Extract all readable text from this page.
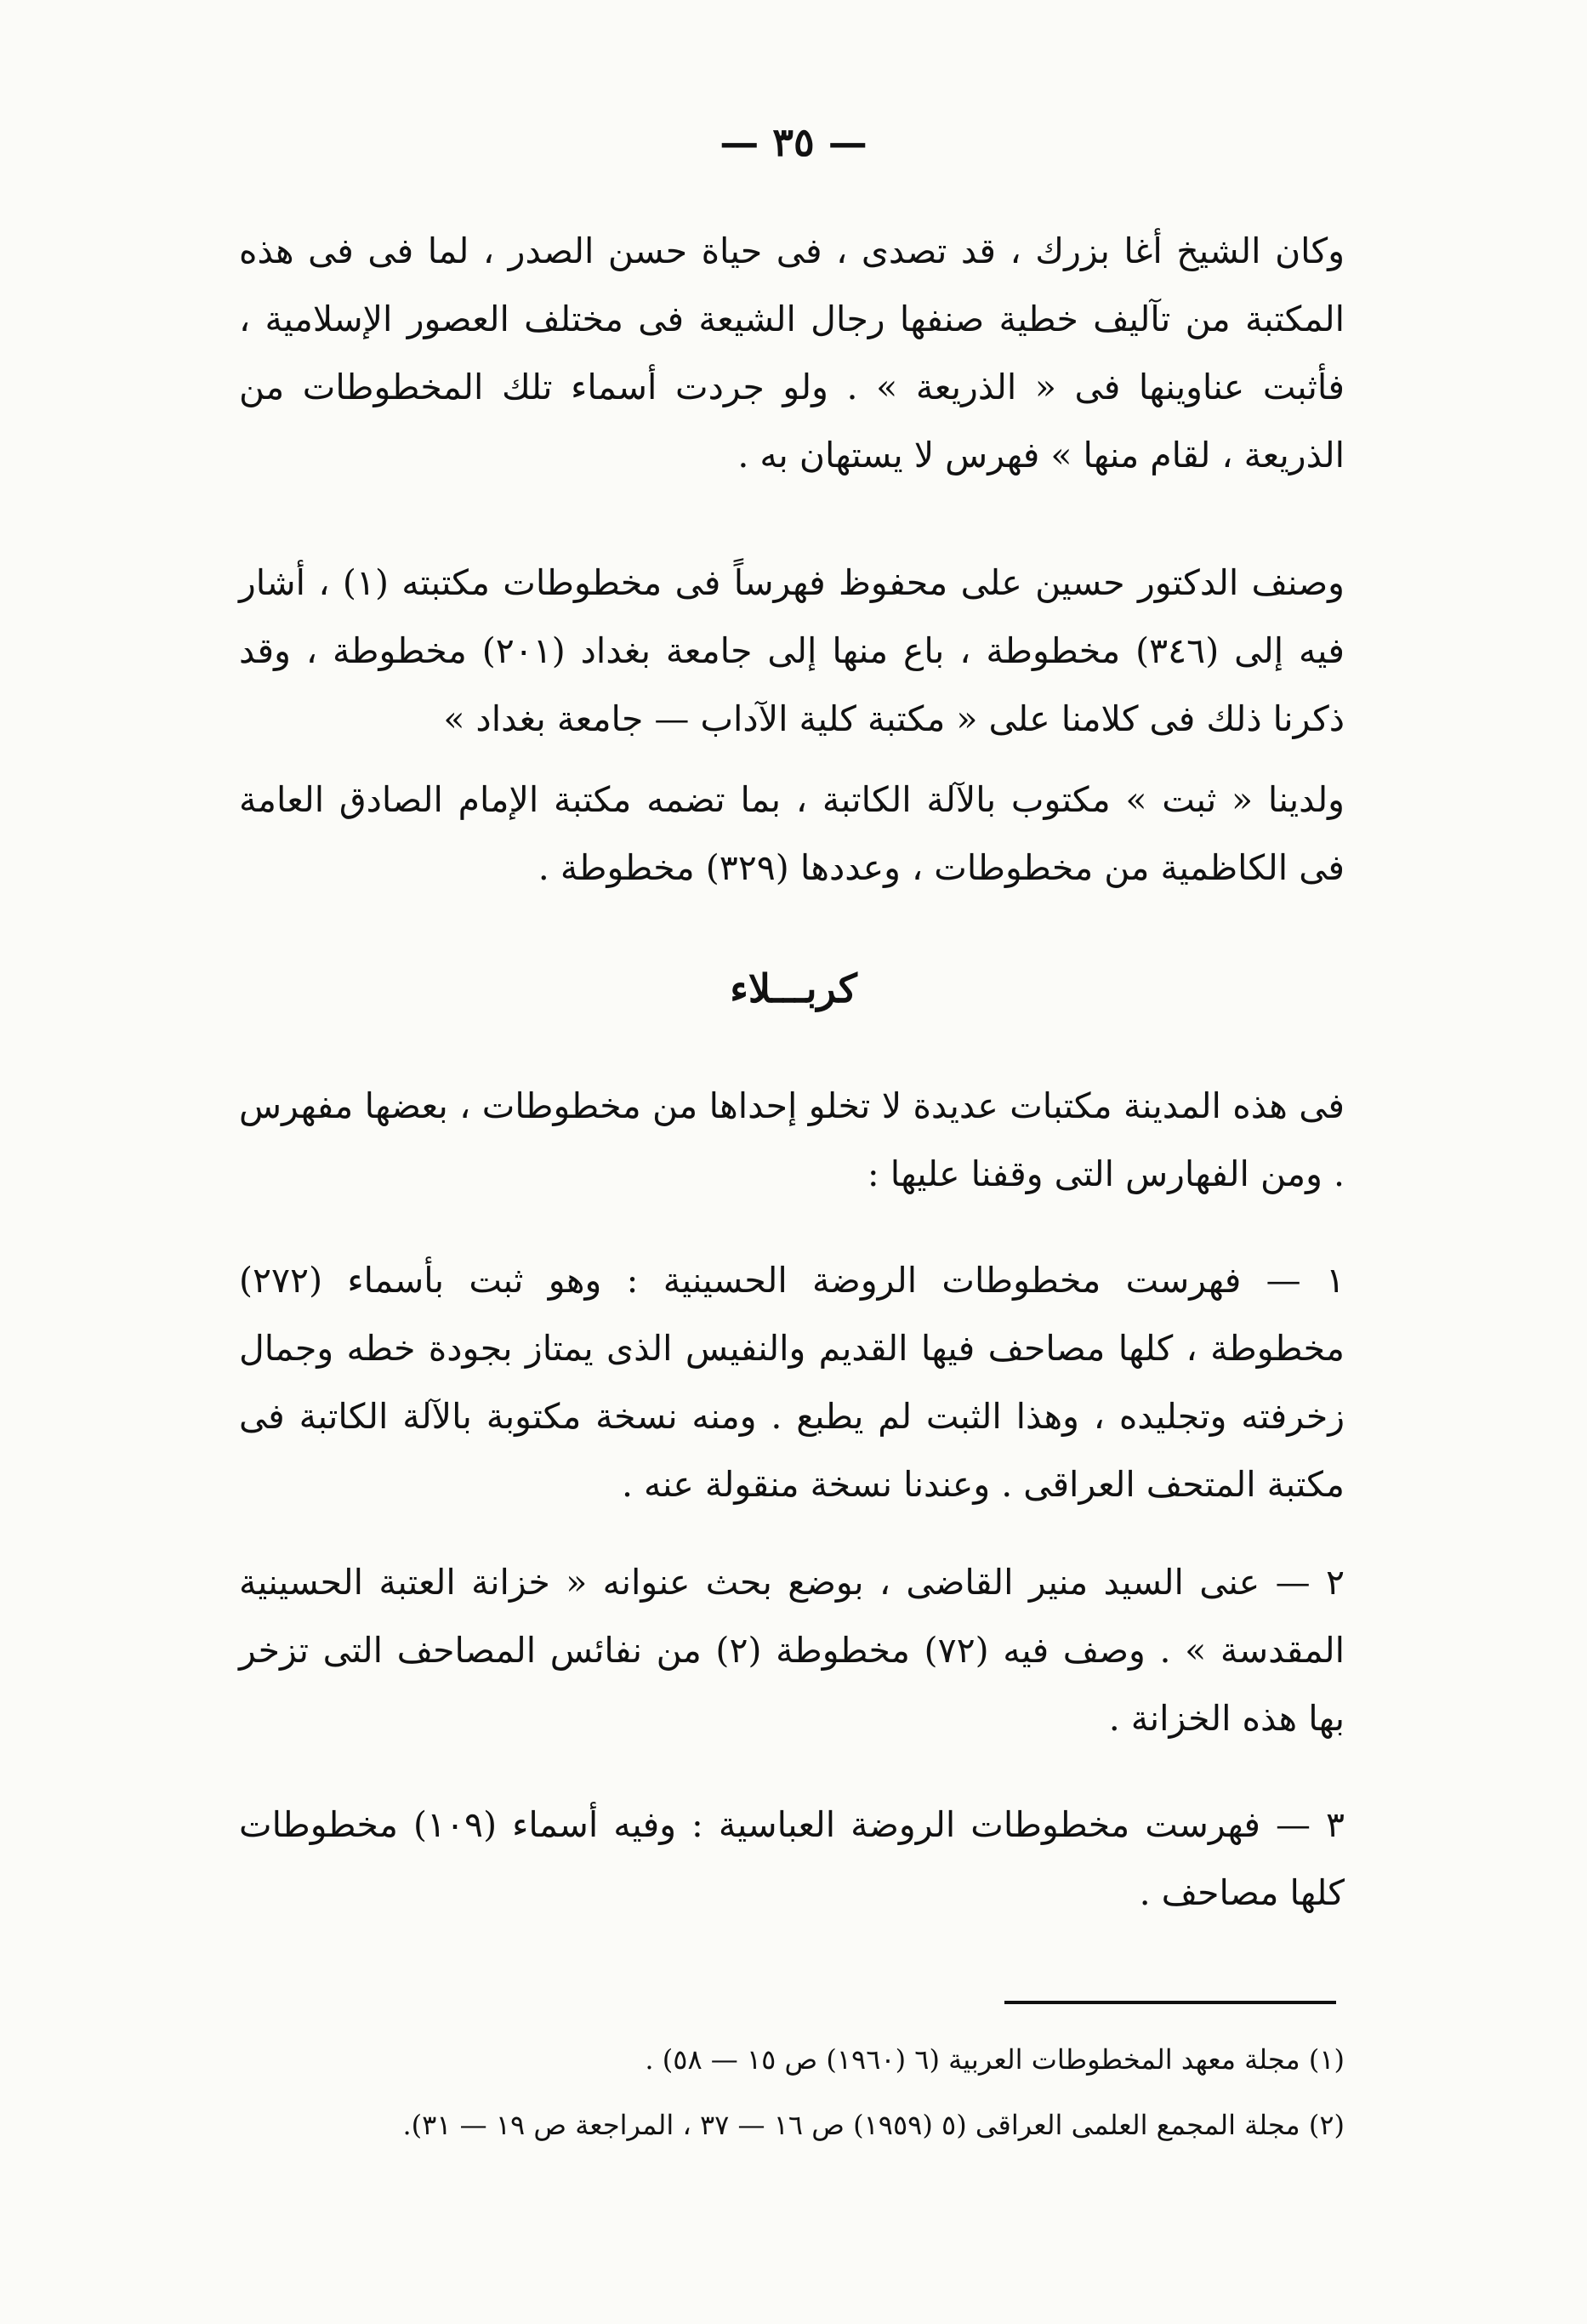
— ٣٥ —

وكان الشيخ أغا بزرك ، قد تصدى ، فى حياة حسن الصدر ، لما فى فى هذه المكتبة من تآليف خطية صنفها رجال الشيعة فى مختلف العصور الإسلامية ، فأثبت عناوينها فى « الذريعة » . ولو جردت أسماء تلك المخطوطات من الذريعة ، لقام منها » فهرس لا يستهان به .

وصنف الدكتور حسين على محفوظ فهرساً فى مخطوطات مكتبته (١) ، أشار فيه إلى (٣٤٦) مخطوطة ، باع منها إلى جامعة بغداد (٢٠١) مخطوطة ، وقد ذكرنا ذلك فى كلامنا على « مكتبة كلية الآداب — جامعة بغداد »

ولدينا « ثبت » مكتوب بالآلة الكاتبة ، بما تضمه مكتبة الإمام الصادق العامة فى الكاظمية من مخطوطات ، وعددها (٣٢٩) مخطوطة .

كربـــلاء

فى هذه المدينة مكتبات عديدة لا تخلو إحداها من مخطوطات ، بعضها مفهرس . ومن الفهارس التى وقفنا عليها :

١ — فهرست مخطوطات الروضة الحسينية : وهو ثبت بأسماء (٢٧٢) مخطوطة ، كلها مصاحف فيها القديم والنفيس الذى يمتاز بجودة خطه وجمال زخرفته وتجليده ، وهذا الثبت لم يطبع . ومنه نسخة مكتوبة بالآلة الكاتبة فى مكتبة المتحف العراقى . وعندنا نسخة منقولة عنه .

٢ — عنى السيد منير القاضى ، بوضع بحث عنوانه « خزانة العتبة الحسينية المقدسة » . وصف فيه (٧٢) مخطوطة (٢) من نفائس المصاحف التى تزخر بها هذه الخزانة .

٣ — فهرست مخطوطات الروضة العباسية : وفيه أسماء (١٠٩) مخطوطات كلها مصاحف .

(١) مجلة معهد المخطوطات العربية (٦ (١٩٦٠) ص ١٥ — ٥٨) .

(٢) مجلة المجمع العلمى العراقى (٥ (١٩٥٩) ص ١٦ — ٣٧ ، المراجعة ص ١٩ — ٣١).
